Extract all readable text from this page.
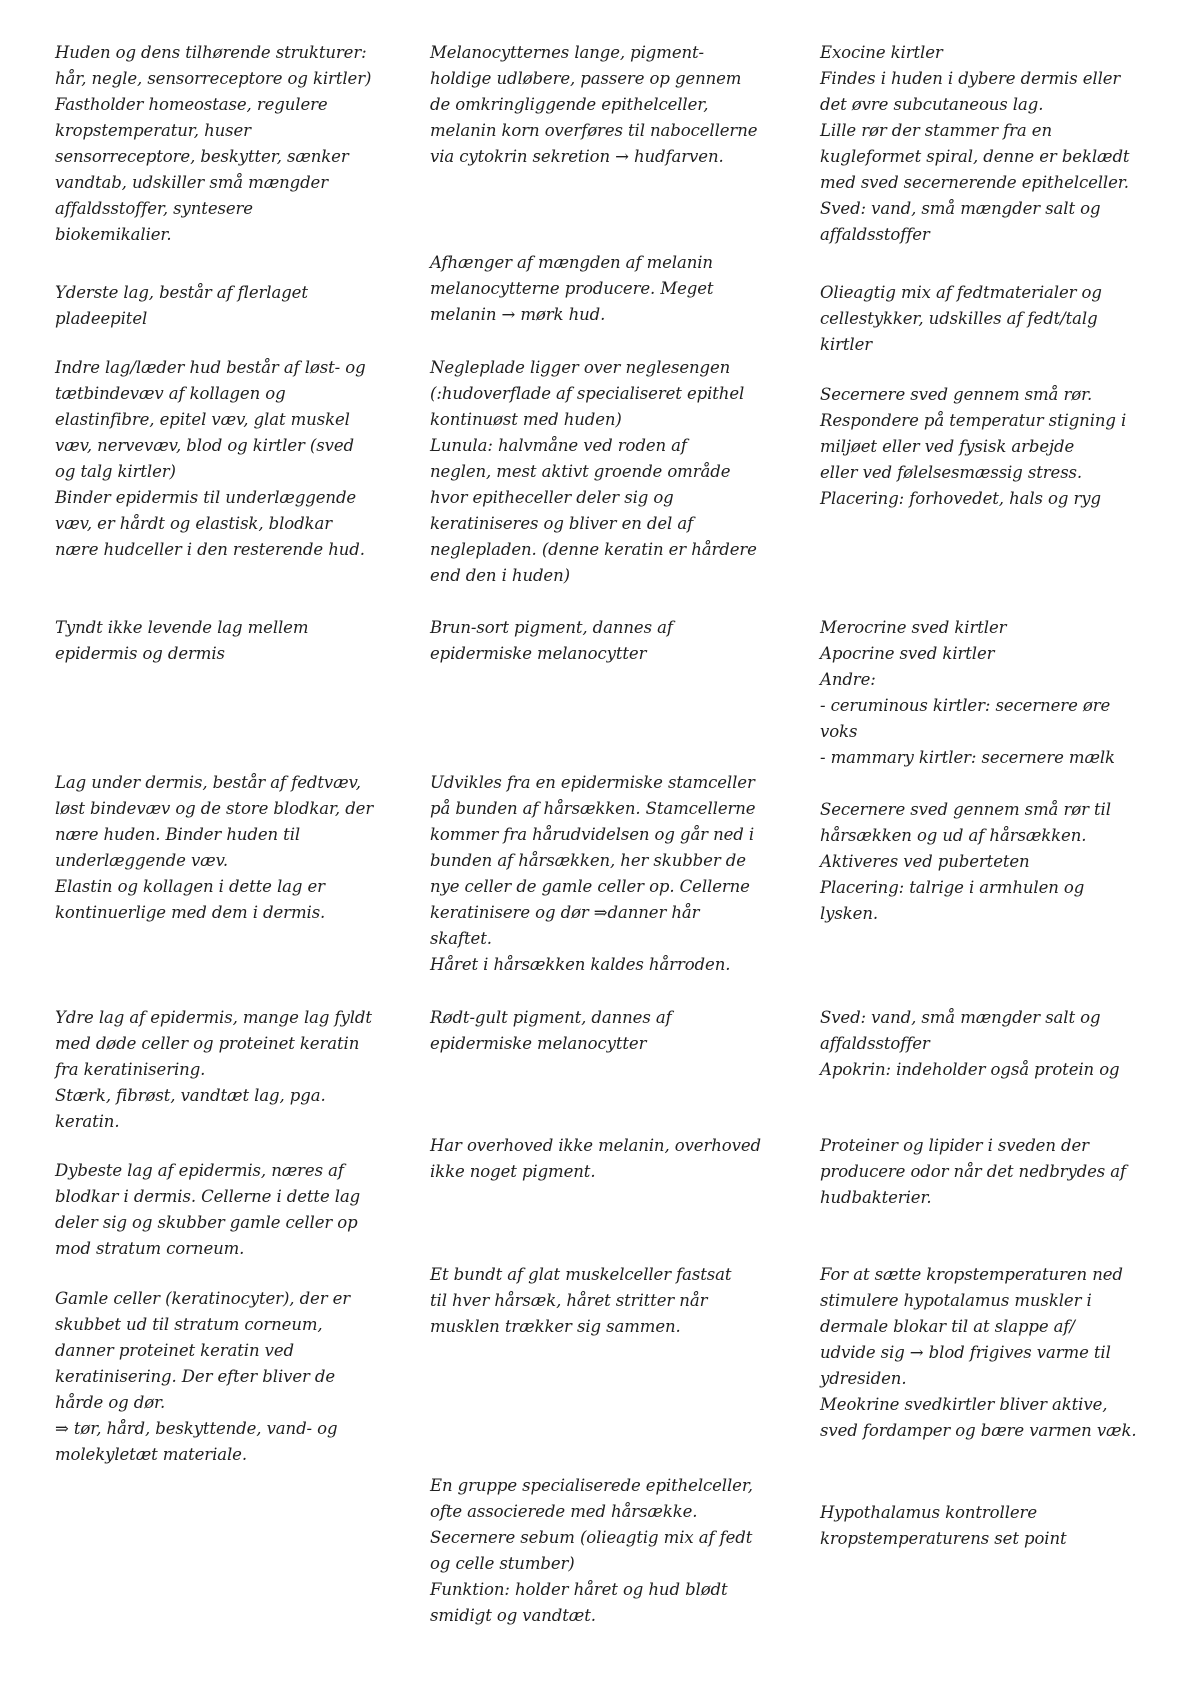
Huden og dens tilhørende strukturer:
hår, negle, sensorreceptore og kirtler)
Fastholder homeostase, regulere
kropstemperatur, huser
sensorreceptore, beskytter, sænker
vandtab, udskiller små mængder
affaldsstoffer, syntesere
biokemikalier.

Yderste lag, består af flerlaget
pladeepitel

Indre lag/læder hud består af løst- og
tætbindevæv af kollagen og
elastinfibre, epitel væv, glat muskel
væv, nervevæv, blod og kirtler (sved
og talg kirtler)
Binder epidermis til underlæggende
væv, er hårdt og elastisk, blodkar
nære hudceller i den resterende hud.

Tyndt ikke levende lag mellem
epidermis og dermis

Lag under dermis, består af fedtvæv,
løst bindevæv og de store blodkar, der
nære huden. Binder huden til
underlæggende væv.
Elastin og kollagen i dette lag er
kontinuerlige med dem i dermis.

Ydre lag af epidermis, mange lag fyldt
med døde celler og proteinet keratin
fra keratinisering.
Stærk, fibrøst, vandtæt lag, pga.
keratin.

Dybeste lag af epidermis, næres af
blodkar i dermis. Cellerne i dette lag
deler sig og skubber gamle celler op
mod stratum corneum.

Gamle celler (keratinocyter), der er
skubbet ud til stratum corneum,
danner proteinet keratin ved
keratinisering. Der efter bliver de
hårde og dør.
⇒ tør, hård, beskyttende, vand- og
molekyletæt materiale.

Melanocytternes lange, pigment-
holdige udløbere, passere op gennem
de omkringliggende epithelceller,
melanin korn overføres til nabocellerne
via cytokrin sekretion → hudfarven.

Afhænger af mængden af melanin
melanocytterne producere. Meget
melanin → mørk hud.

Negleplade ligger over neglesengen
(:hudoverflade af specialiseret epithel
kontinuøst med huden)
Lunula: halvmåne ved roden af
neglen, mest aktivt groende område
hvor epitheceller deler sig og
keratiniseres og bliver en del af
neglepladen. (denne keratin er hårdere
end den i huden)

Brun-sort pigment, dannes af
epidermiske melanocytter

Udvikles fra en epidermiske stamceller
på bunden af hårsækken. Stamcellerne
kommer fra hårudvidelsen og går ned i
bunden af hårsækken, her skubber de
nye celler de gamle celler op. Cellerne
keratinisere og dør ⇒danner hår
skaftet.
Håret i hårsækken kaldes hårroden.

Rødt-gult pigment, dannes af
epidermiske melanocytter

Har overhoved ikke melanin, overhoved
ikke noget pigment.

Et bundt af glat muskelceller fastsat
til hver hårsæk, håret stritter når
musklen trækker sig sammen.

En gruppe specialiserede epithelceller,
ofte associerede med hårsække.
Secernere sebum (olieagtig mix af fedt
og celle stumber)
Funktion: holder håret og hud blødt
smidigt og vandtæt.

Exocine kirtler
Findes i huden i dybere dermis eller
det øvre subcutaneous lag.
Lille rør der stammer fra en
kugleformet spiral, denne er beklædt
med sved secernerende epithelceller.
Sved: vand, små mængder salt og
affaldsstoffer

Olieagtig mix af fedtmaterialer og
cellestykker, udskilles af fedt/talg
kirtler

Secernere sved gennem små rør.
Respondere på temperatur stigning i
miljøet eller ved fysisk arbejde
eller ved følelsesmæssig stress.
Placering: forhovedet, hals og ryg

Merocrine sved kirtler
Apocrine sved kirtler
Andre:
- ceruminous kirtler: secernere øre
voks
- mammary kirtler: secernere mælk

Secernere sved gennem små rør til
hårsækken og ud af hårsækken.
Aktiveres ved puberteten
Placering: talrige i armhulen og
lysken.

Sved: vand, små mængder salt og
affaldsstoffer
Apokrin: indeholder også protein og

Proteiner og lipider i sveden der
producere odor når det nedbrydes af
hudbakterier.

For at sætte kropstemperaturen ned
stimulere hypotalamus muskler i
dermale blokar til at slappe af/
udvide sig → blod frigives varme til
ydresiden.
Meokrine svedkirtler bliver aktive,
sved fordamper og bære varmen væk.

Hypothalamus kontrollere
kropstemperaturens set point
